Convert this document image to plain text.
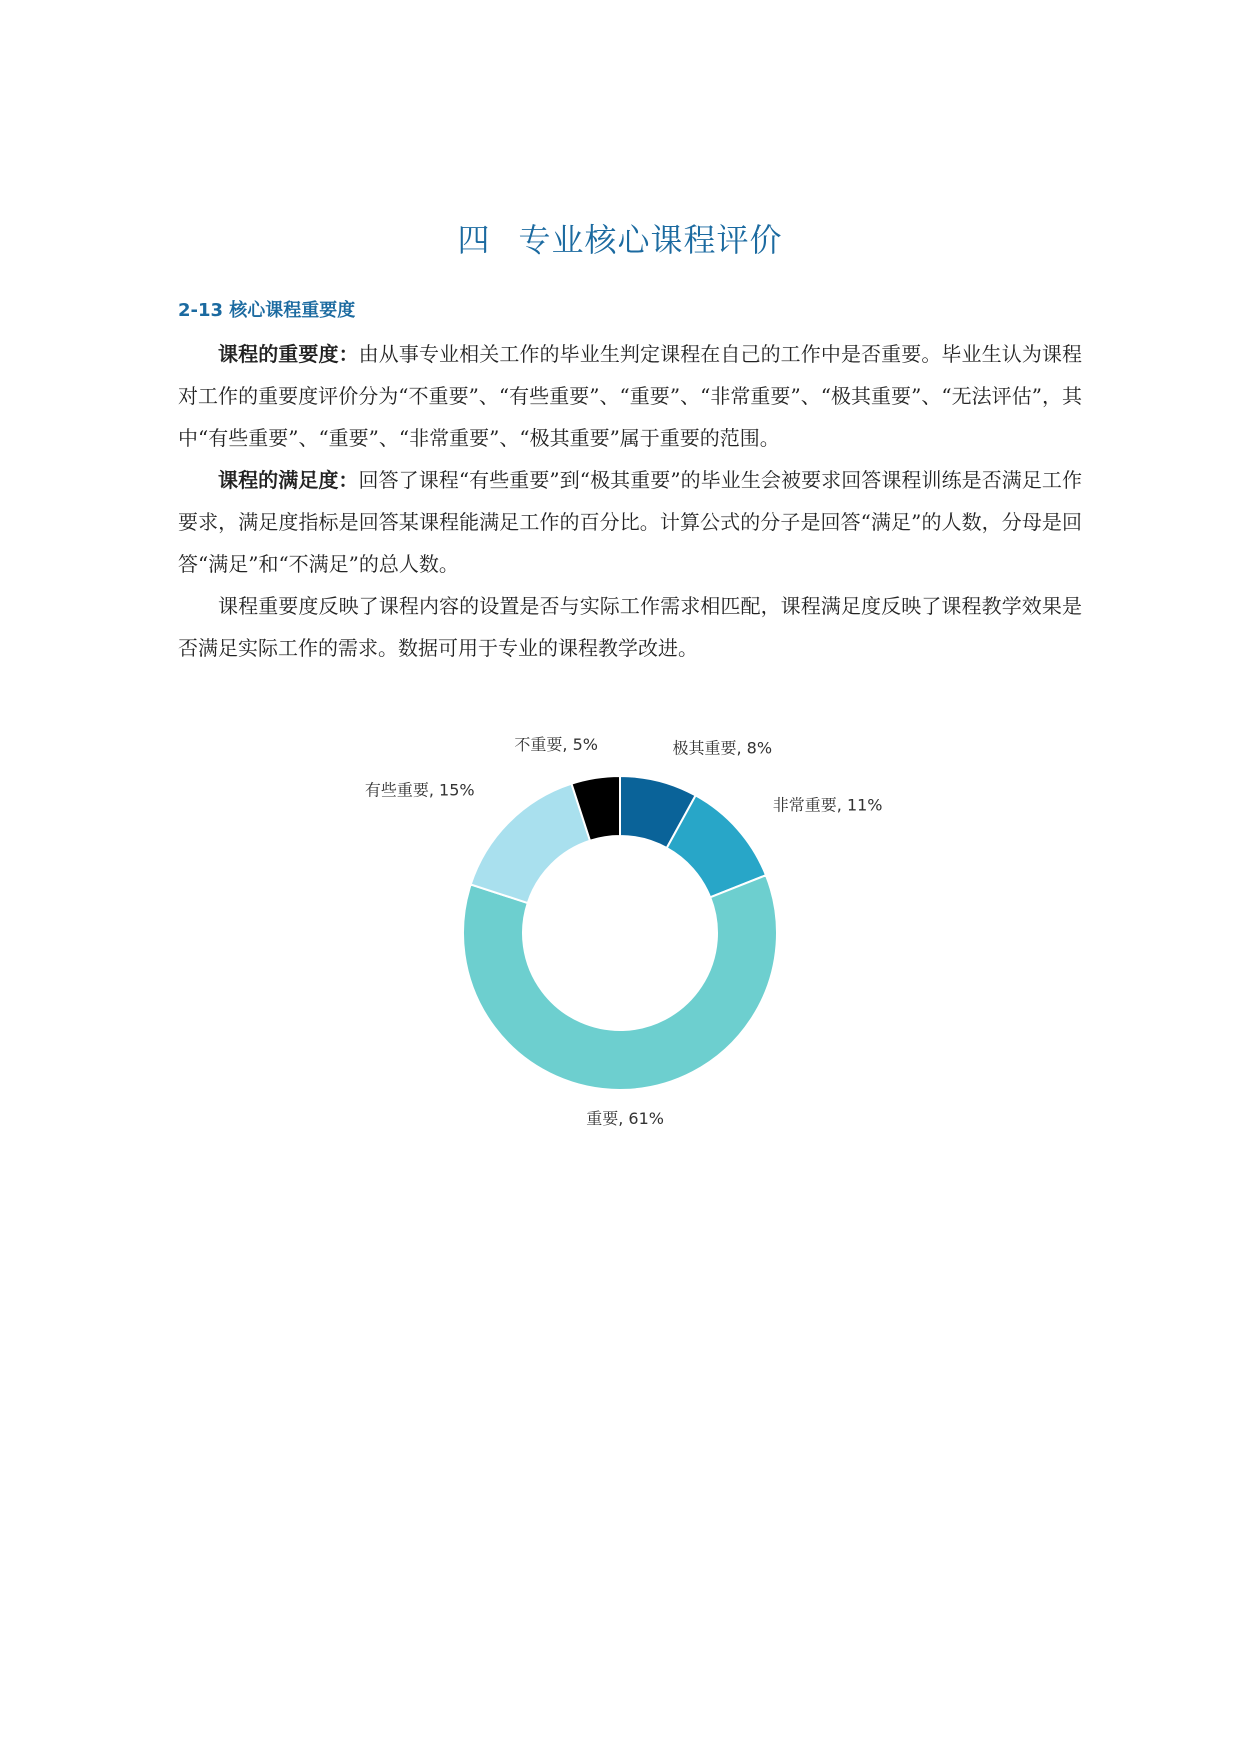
四 专业核心课程评价
2-13 核心课程重要度

课程的重要度：由从事专业相关工作的毕业生判定课程在自己的工作中是否重要。毕业生认为课程对工作的重要度评价分为“不重要”、“有些重要”、“重要”、“非常重要”、“极其重要”、“无法评估”，其中“有些重要”、“重要”、“非常重要”、“极其重要”属于重要的范围。

课程的满足度：回答了课程“有些重要”到“极其重要”的毕业生会被要求回答课程训练是否满足工作要求，满足度指标是回答某课程能满足工作的百分比。计算公式的分子是回答“满足”的人数，分母是回答“满足”和“不满足”的总人数。

课程重要度反映了课程内容的设置是否与实际工作需求相匹配，课程满足度反映了课程教学效果是否满足实际工作的需求。数据可用于专业的课程教学改进。

极其重要, 8%
非常重要, 11%
重要, 61%
有些重要, 15%
不重要, 5%
